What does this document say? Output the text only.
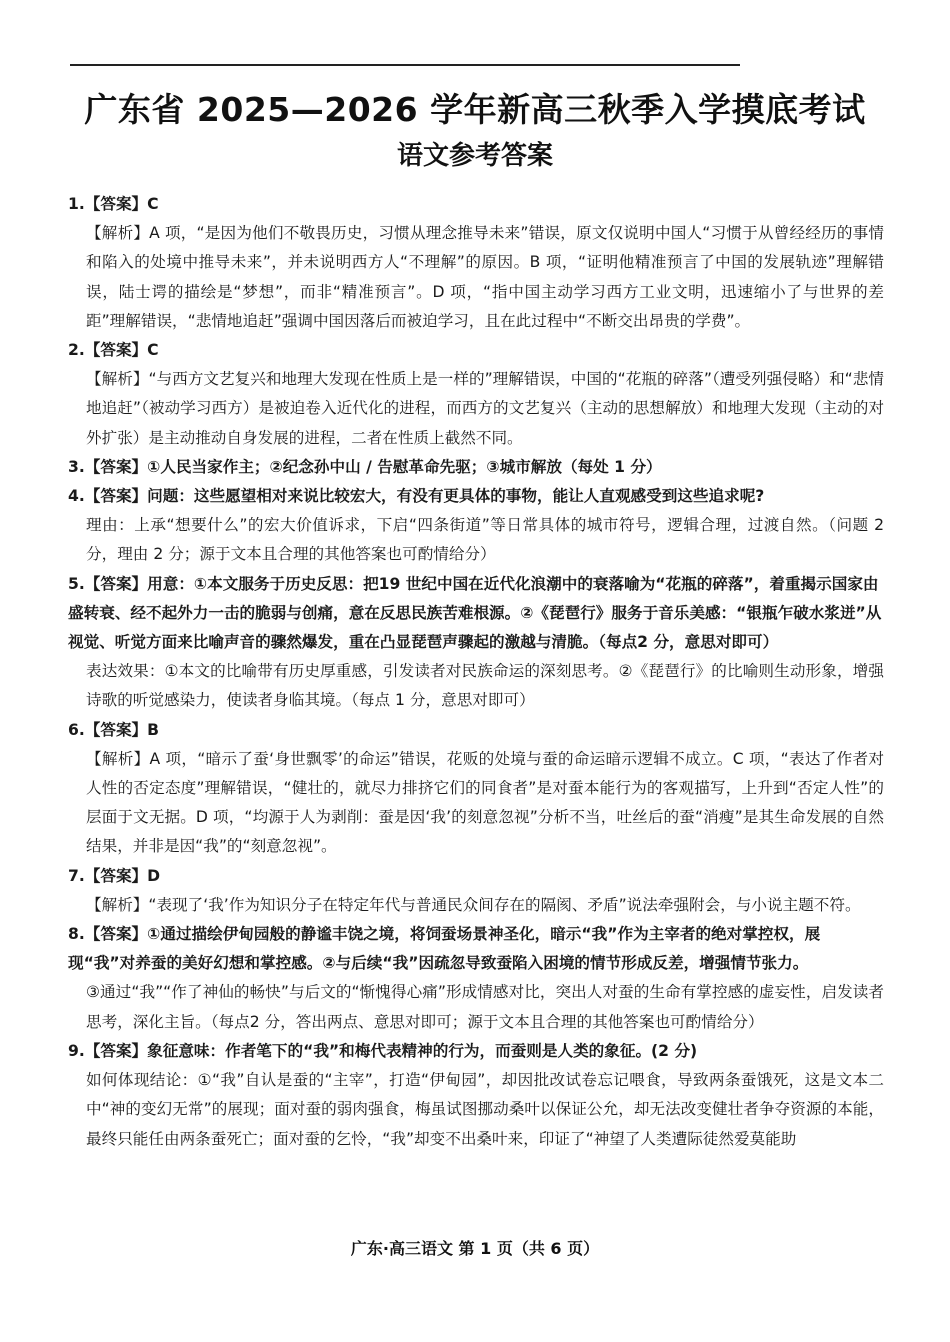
广东省 2025—2026 学年新高三秋季入学摸底考试
语文参考答案
1.【答案】C
【解析】A 项，“是因为他们不敬畏历史，习惯从理念推导未来”错误，原文仅说明中国人“习惯于从曾经经历的事情和陷入的处境中推导未来”，并未说明西方人“不理解”的原因。B 项，“证明他精准预言了中国的发展轨迹”理解错误，陆士谔的描绘是“梦想”，而非“精准预言”。D 项，“指中国主动学习西方工业文明，迅速缩小了与世界的差距”理解错误，“悲情地追赶”强调中国因落后而被迫学习，且在此过程中“不断交出昂贵的学费”。
2.【答案】C
【解析】“与西方文艺复兴和地理大发现在性质上是一样的”理解错误，中国的“花瓶的碎落”（遭受列强侵略）和“悲情地追赶”（被动学习西方）是被迫卷入近代化的进程，而西方的文艺复兴（主动的思想解放）和地理大发现（主动的对外扩张）是主动推动自身发展的进程，二者在性质上截然不同。
3.【答案】①人民当家作主；②纪念孙中山 / 告慰革命先驱；③城市解放（每处 1 分）
4.【答案】问题：这些愿望相对来说比较宏大，有没有更具体的事物，能让人直观感受到这些追求呢?
理由：上承“想要什么”的宏大价值诉求，下启“四条街道”等日常具体的城市符号，逻辑合理，过渡自然。（问题 2 分，理由 2 分；源于文本且合理的其他答案也可酌情给分）
5.【答案】用意：①本文服务于历史反思：把19 世纪中国在近代化浪潮中的衰落喻为“花瓶的碎落”，着重揭示国家由盛转衰、经不起外力一击的脆弱与创痛，意在反思民族苦难根源。②《琵琶行》服务于音乐美感：“银瓶乍破水浆迸”从视觉、听觉方面来比喻声音的骤然爆发，重在凸显琵琶声骤起的激越与清脆。（每点2 分，意思对即可）
表达效果：①本文的比喻带有历史厚重感，引发读者对民族命运的深刻思考。②《琵琶行》的比喻则生动形象，增强诗歌的听觉感染力，使读者身临其境。（每点 1 分，意思对即可）
6.【答案】B
【解析】A 项，“暗示了蚕‘身世飘零’的命运”错误，花贩的处境与蚕的命运暗示逻辑不成立。C 项，“表达了作者对人性的否定态度”理解错误，“健壮的，就尽力排挤它们的同食者”是对蚕本能行为的客观描写，上升到“否定人性”的层面于文无据。D 项，“均源于人为剥削：蚕是因‘我’的刻意忽视”分析不当，吐丝后的蚕“消瘦”是其生命发展的自然结果，并非是因“我”的“刻意忽视”。
7.【答案】D
【解析】“表现了‘我’作为知识分子在特定年代与普通民众间存在的隔阂、矛盾”说法牵强附会，与小说主题不符。
8.【答案】①通过描绘伊甸园般的静谧丰饶之境，将饲蚕场景神圣化，暗示“我”作为主宰者的绝对掌控权，展现“我”对养蚕的美好幻想和掌控感。②与后续“我”因疏忽导致蚕陷入困境的情节形成反差，增强情节张力。
③通过“我”“作了神仙的畅快”与后文的“惭愧得心痛”形成情感对比，突出人对蚕的生命有掌控感的虚妄性，启发读者思考，深化主旨。（每点2 分，答出两点、意思对即可；源于文本且合理的其他答案也可酌情给分）
9.【答案】象征意味：作者笔下的“我”和梅代表精神的行为，而蚕则是人类的象征。(2 分)
如何体现结论：①“我”自认是蚕的“主宰”，打造“伊甸园”，却因批改试卷忘记喂食，导致两条蚕饿死，这是文本二中“神的变幻无常”的展现；面对蚕的弱肉强食，梅虽试图挪动桑叶以保证公允，却无法改变健壮者争夺资源的本能，最终只能任由两条蚕死亡；面对蚕的乞怜，“我”却变不出桑叶来，印证了“神望了人类遭际徒然爱莫能助
广东·高三语文 第 1 页（共 6 页）
